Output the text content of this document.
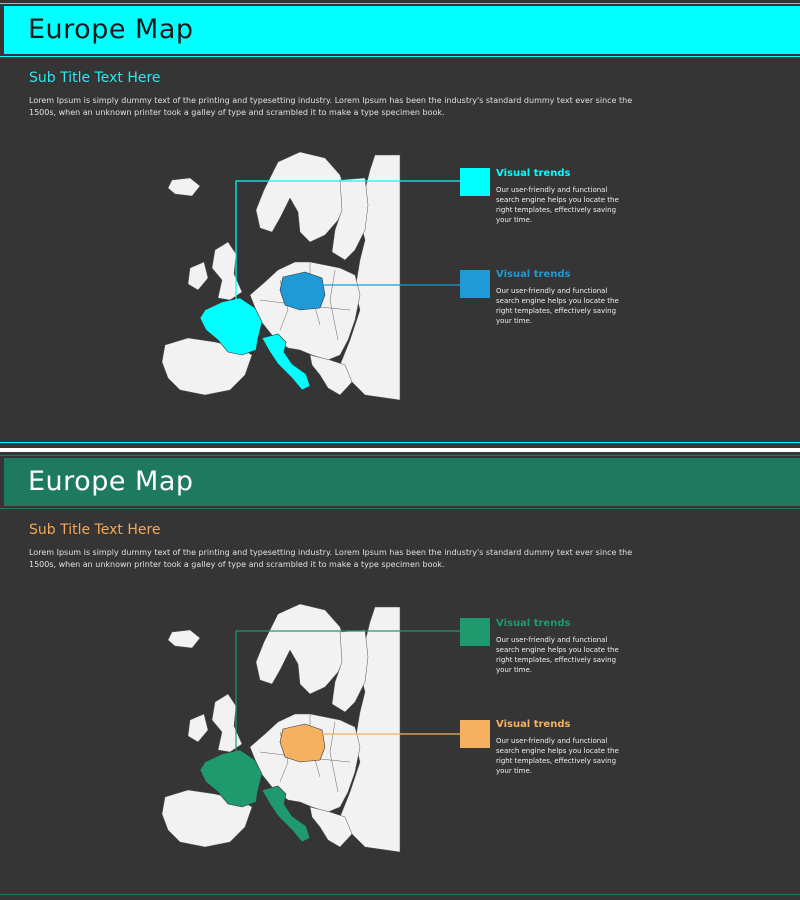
Europe Map
Sub Title Text Here
Lorem Ipsum is simply dummy text of the printing and typesetting industry. Lorem Ipsum has been the industry's standard dummy text ever since the 1500s, when an unknown printer took a galley of type and scrambled it to make a type specimen book.
Visual trends
Our user-friendly and functional search engine helps you locate the right templates, effectively saving your time.
Visual trends
Our user-friendly and functional search engine helps you locate the right templates, effectively saving your time.
Europe Map
Sub Title Text Here
Lorem Ipsum is simply dummy text of the printing and typesetting industry. Lorem Ipsum has been the industry's standard dummy text ever since the 1500s, when an unknown printer took a galley of type and scrambled it to make a type specimen book.
Visual trends
Our user-friendly and functional search engine helps you locate the right templates, effectively saving your time.
Visual trends
Our user-friendly and functional search engine helps you locate the right templates, effectively saving your time.
